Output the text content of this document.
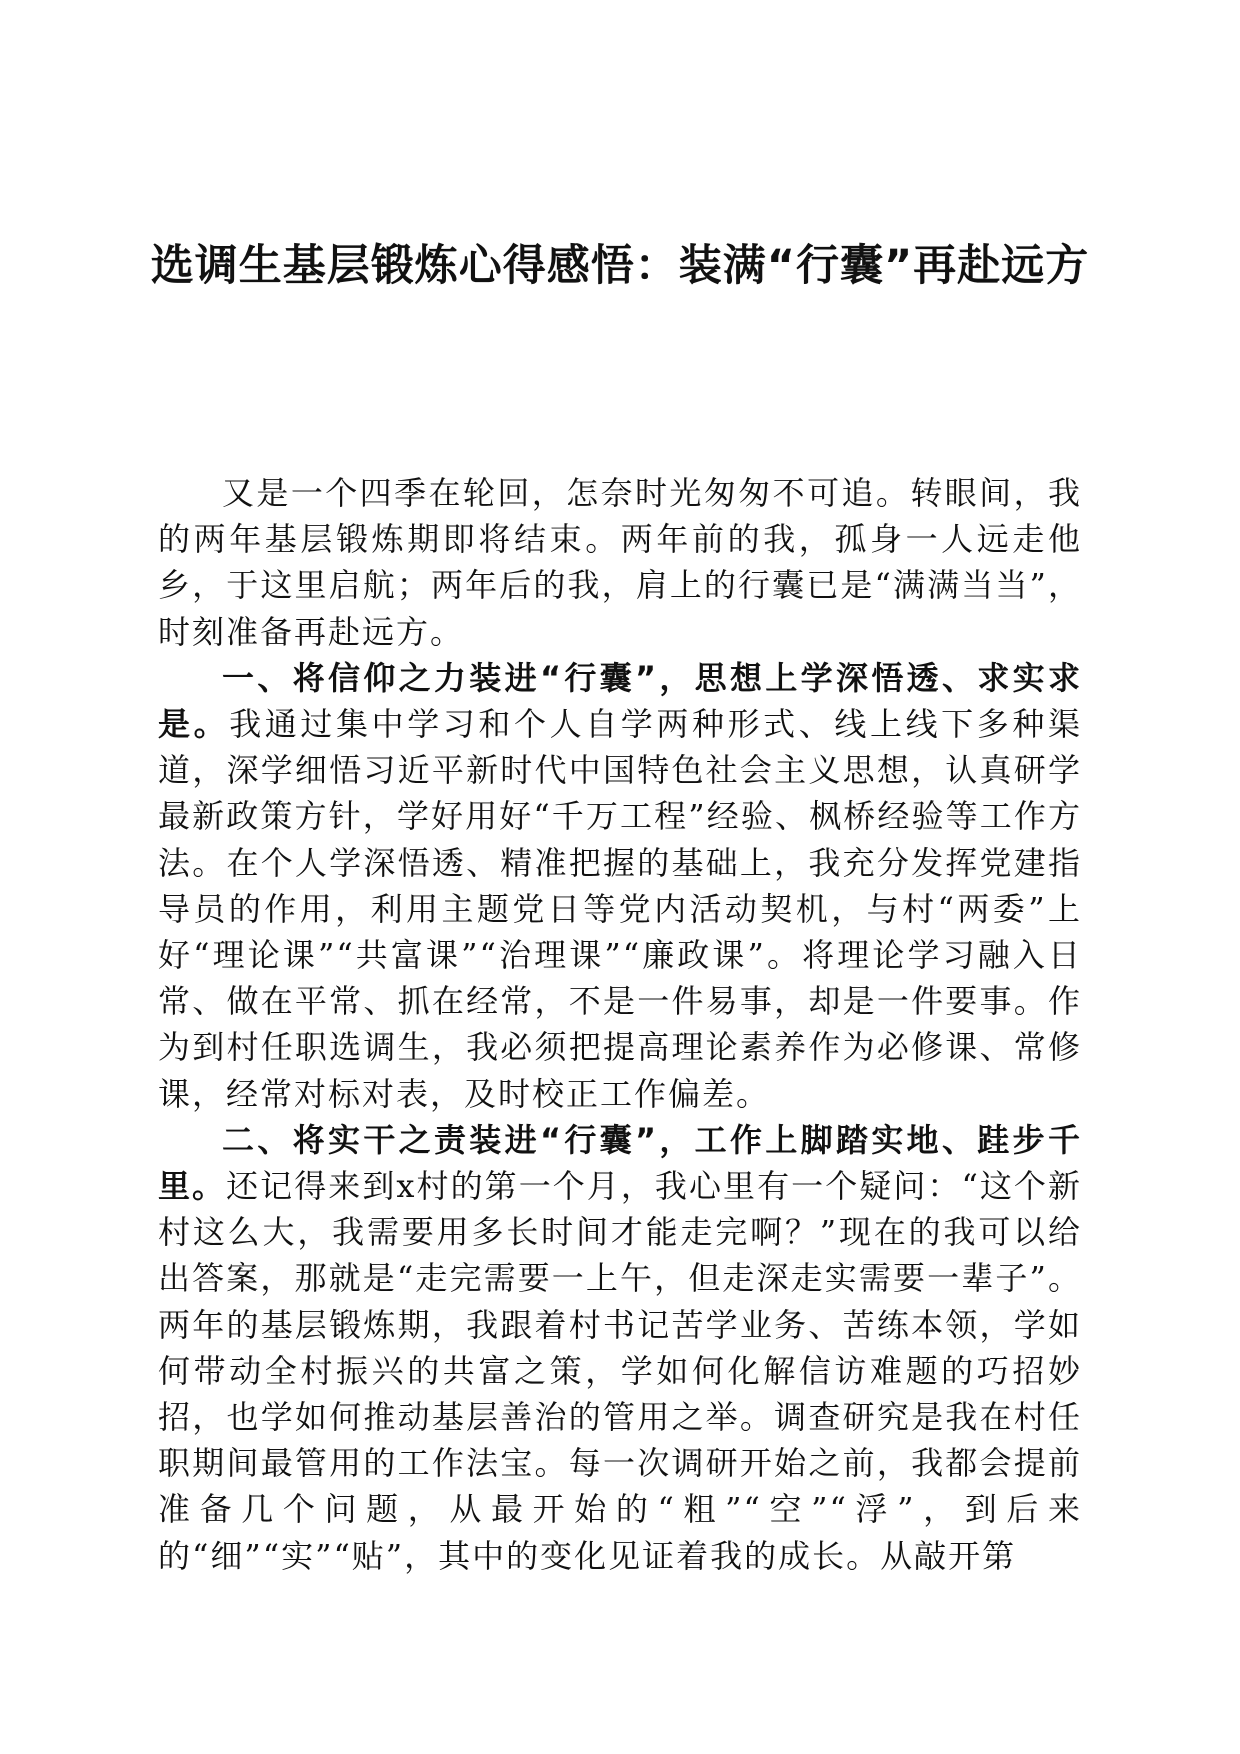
选调生基层锻炼心得感悟：装满“行囊”再赴远方

又是一个四季在轮回，怎奈时光匆匆不可追。转眼间，我的两年基层锻炼期即将结束。两年前的我，孤身一人远走他乡，于这里启航；两年后的我，肩上的行囊已是“满满当当”，时刻准备再赴远方。

一、将信仰之力装进“行囊”，思想上学深悟透、求实求是。我通过集中学习和个人自学两种形式、线上线下多种渠道，深学细悟习近平新时代中国特色社会主义思想，认真研学最新政策方针，学好用好“千万工程”经验、枫桥经验等工作方法。在个人学深悟透、精准把握的基础上，我充分发挥党建指导员的作用，利用主题党日等党内活动契机，与村“两委”上好“理论课”“共富课”“治理课”“廉政课”。将理论学习融入日常、做在平常、抓在经常，不是一件易事，却是一件要事。作为到村任职选调生，我必须把提高理论素养作为必修课、常修课，经常对标对表，及时校正工作偏差。

二、将实干之责装进“行囊”，工作上脚踏实地、跬步千里。还记得来到x村的第一个月，我心里有一个疑问：“这个新村这么大，我需要用多长时间才能走完啊？”现在的我可以给出答案，那就是“走完需要一上午，但走深走实需要一辈子”。两年的基层锻炼期，我跟着村书记苦学业务、苦练本领，学如何带动全村振兴的共富之策，学如何化解信访难题的巧招妙招，也学如何推动基层善治的管用之举。调查研究是我在村任职期间最管用的工作法宝。每一次调研开始之前，我都会提前准备几个问题，从最开始的“粗”“空”“浮”，到后来的“细”“实”“贴”，其中的变化见证着我的成长。从敲开第
